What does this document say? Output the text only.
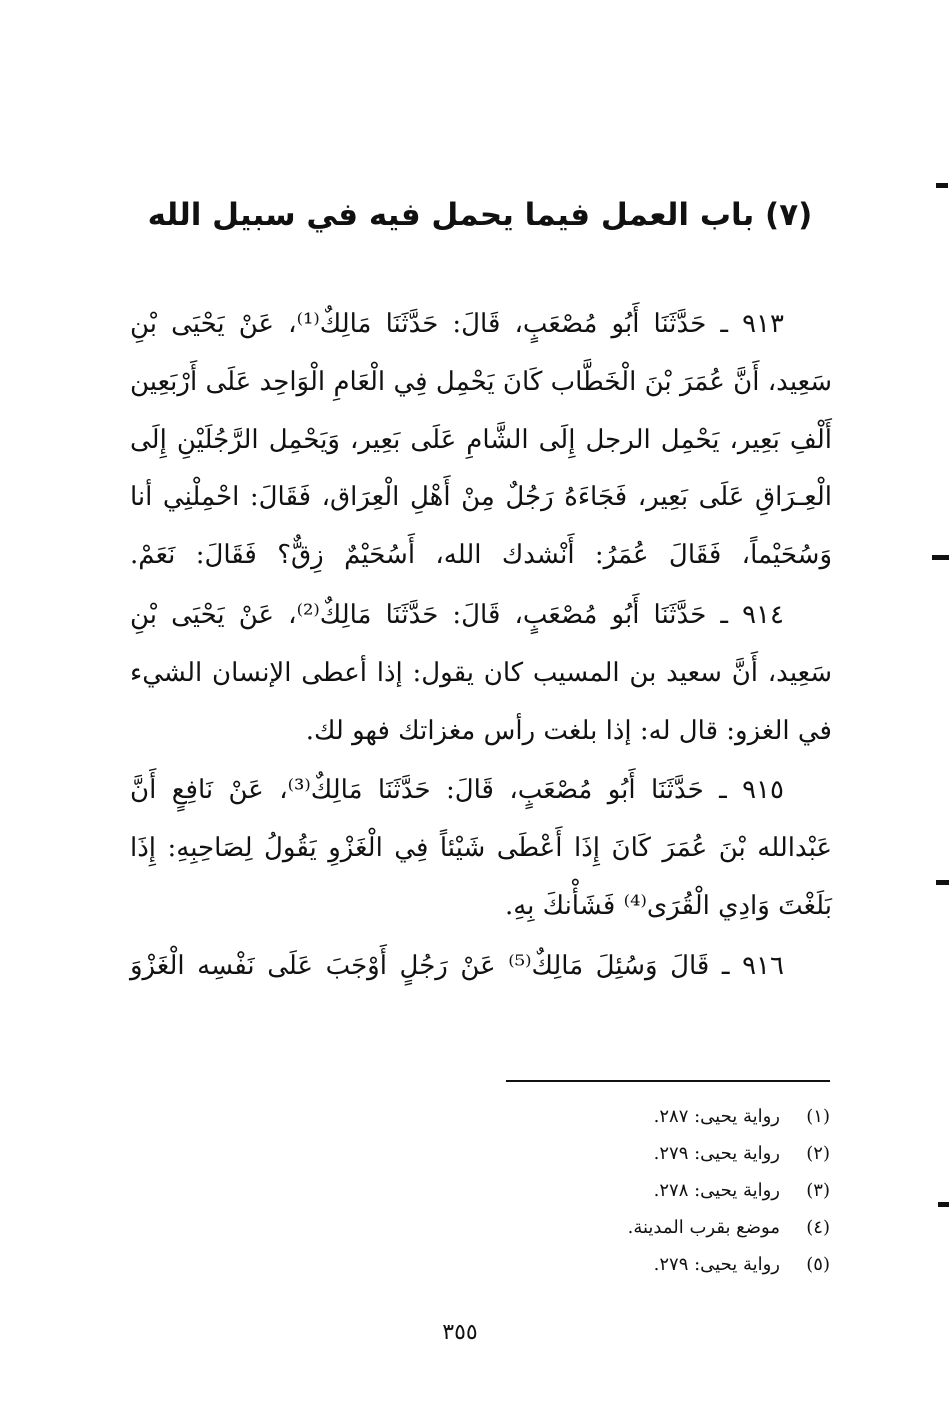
(٧) باب العمل فيما يحمل فيه في سبيل الله

٩١٣ ـ حَدَّثَنَا أَبُو مُصْعَبٍ، قَالَ: حَدَّثَنَا مَالِكٌ⁽¹⁾، عَنْ يَحْيَى بْنِ سَعِيد، أَنَّ عُمَرَ بْنَ الْخَطَّاب كَانَ يَحْمِل فِي الْعَامِ الْوَاحِد عَلَى أَرْبَعِين أَلْفِ بَعِير، يَحْمِل الرجل إِلَى الشَّامِ عَلَى بَعِير، وَيَحْمِل الرَّجُلَيْنِ إِلَى الْعِـرَاقِ عَلَى بَعِير، فَجَاءَهُ رَجُلٌ مِنْ أَهْلِ الْعِرَاق، فَقَالَ: احْمِلْنِي أنا وَسُحَيْماً، فَقَالَ عُمَرُ: أَنْشدك الله، أَسُحَيْمٌ زِقٌّ؟ فَقَالَ: نَعَمْ.

٩١٤ ـ حَدَّثَنَا أَبُو مُصْعَبٍ، قَالَ: حَدَّثَنَا مَالِكٌ⁽²⁾، عَنْ يَحْيَى بْنِ سَعِيد، أَنَّ سعيد بن المسيب كان يقول: إذا أعطى الإنسان الشيء في الغزو: قال له: إذا بلغت رأس مغزاتك فهو لك.

٩١٥ ـ حَدَّثَنَا أَبُو مُصْعَبٍ، قَالَ: حَدَّثَنَا مَالِكٌ⁽³⁾، عَنْ نَافِعٍ أَنَّ عَبْدالله بْنَ عُمَرَ كَانَ إِذَا أَعْطَى شَيْئاً فِي الْغَزْوِ يَقُولُ لِصَاحِبِهِ: إِذَا بَلَغْتَ وَادِي الْقُرَى⁽⁴⁾ فَشَأْنكَ بِهِ.

٩١٦ ـ قَالَ وَسُئِلَ مَالِكٌ⁽⁵⁾ عَنْ رَجُلٍ أَوْجَبَ عَلَى نَفْسِه الْغَزْوَ

(١)
رواية يحيى: ٢٨٧.
(٢)
رواية يحيى: ٢٧٩.
(٣)
رواية يحيى: ٢٧٨.
(٤)
موضع بقرب المدينة.
(٥)
رواية يحيى: ٢٧٩.
٣٥٥
